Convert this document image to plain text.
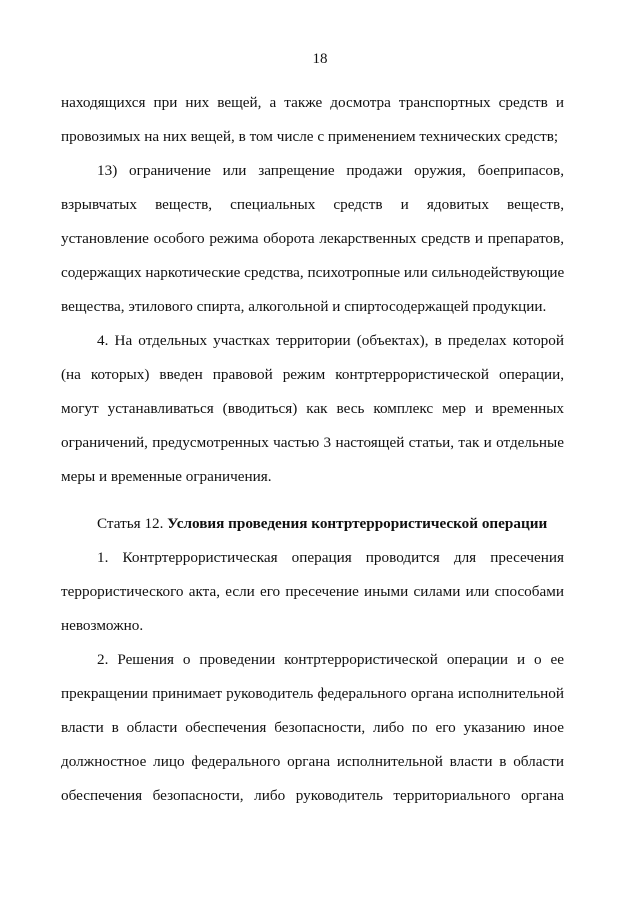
18
находящихся при них вещей, а также досмотра транспортных средств и
провозимых на них вещей, в том числе с применением технических средств;
13) ограничение или запрещение продажи оружия, боеприпасов,
взрывчатых веществ, специальных средств и ядовитых веществ,
установление особого режима оборота лекарственных средств и препаратов,
содержащих наркотические средства, психотропные или сильнодействующие
вещества, этилового спирта, алкогольной и спиртосодержащей продукции.
4. На отдельных участках территории (объектах), в пределах которой
(на которых) введен правовой режим контртеррористической операции,
могут устанавливаться (вводиться) как весь комплекс мер и временных
ограничений, предусмотренных частью 3 настоящей статьи, так и отдельные
меры и временные ограничения.
Статья 12. Условия проведения контртеррористической операции
1. Контртеррористическая операция проводится для пресечения
террористического акта, если его пресечение иными силами или способами
невозможно.
2. Решения о проведении контртеррористической операции и о ее
прекращении принимает руководитель федерального органа исполнительной
власти в области обеспечения безопасности, либо по его указанию иное
должностное лицо федерального органа исполнительной власти в области
обеспечения безопасности, либо руководитель территориального органа
